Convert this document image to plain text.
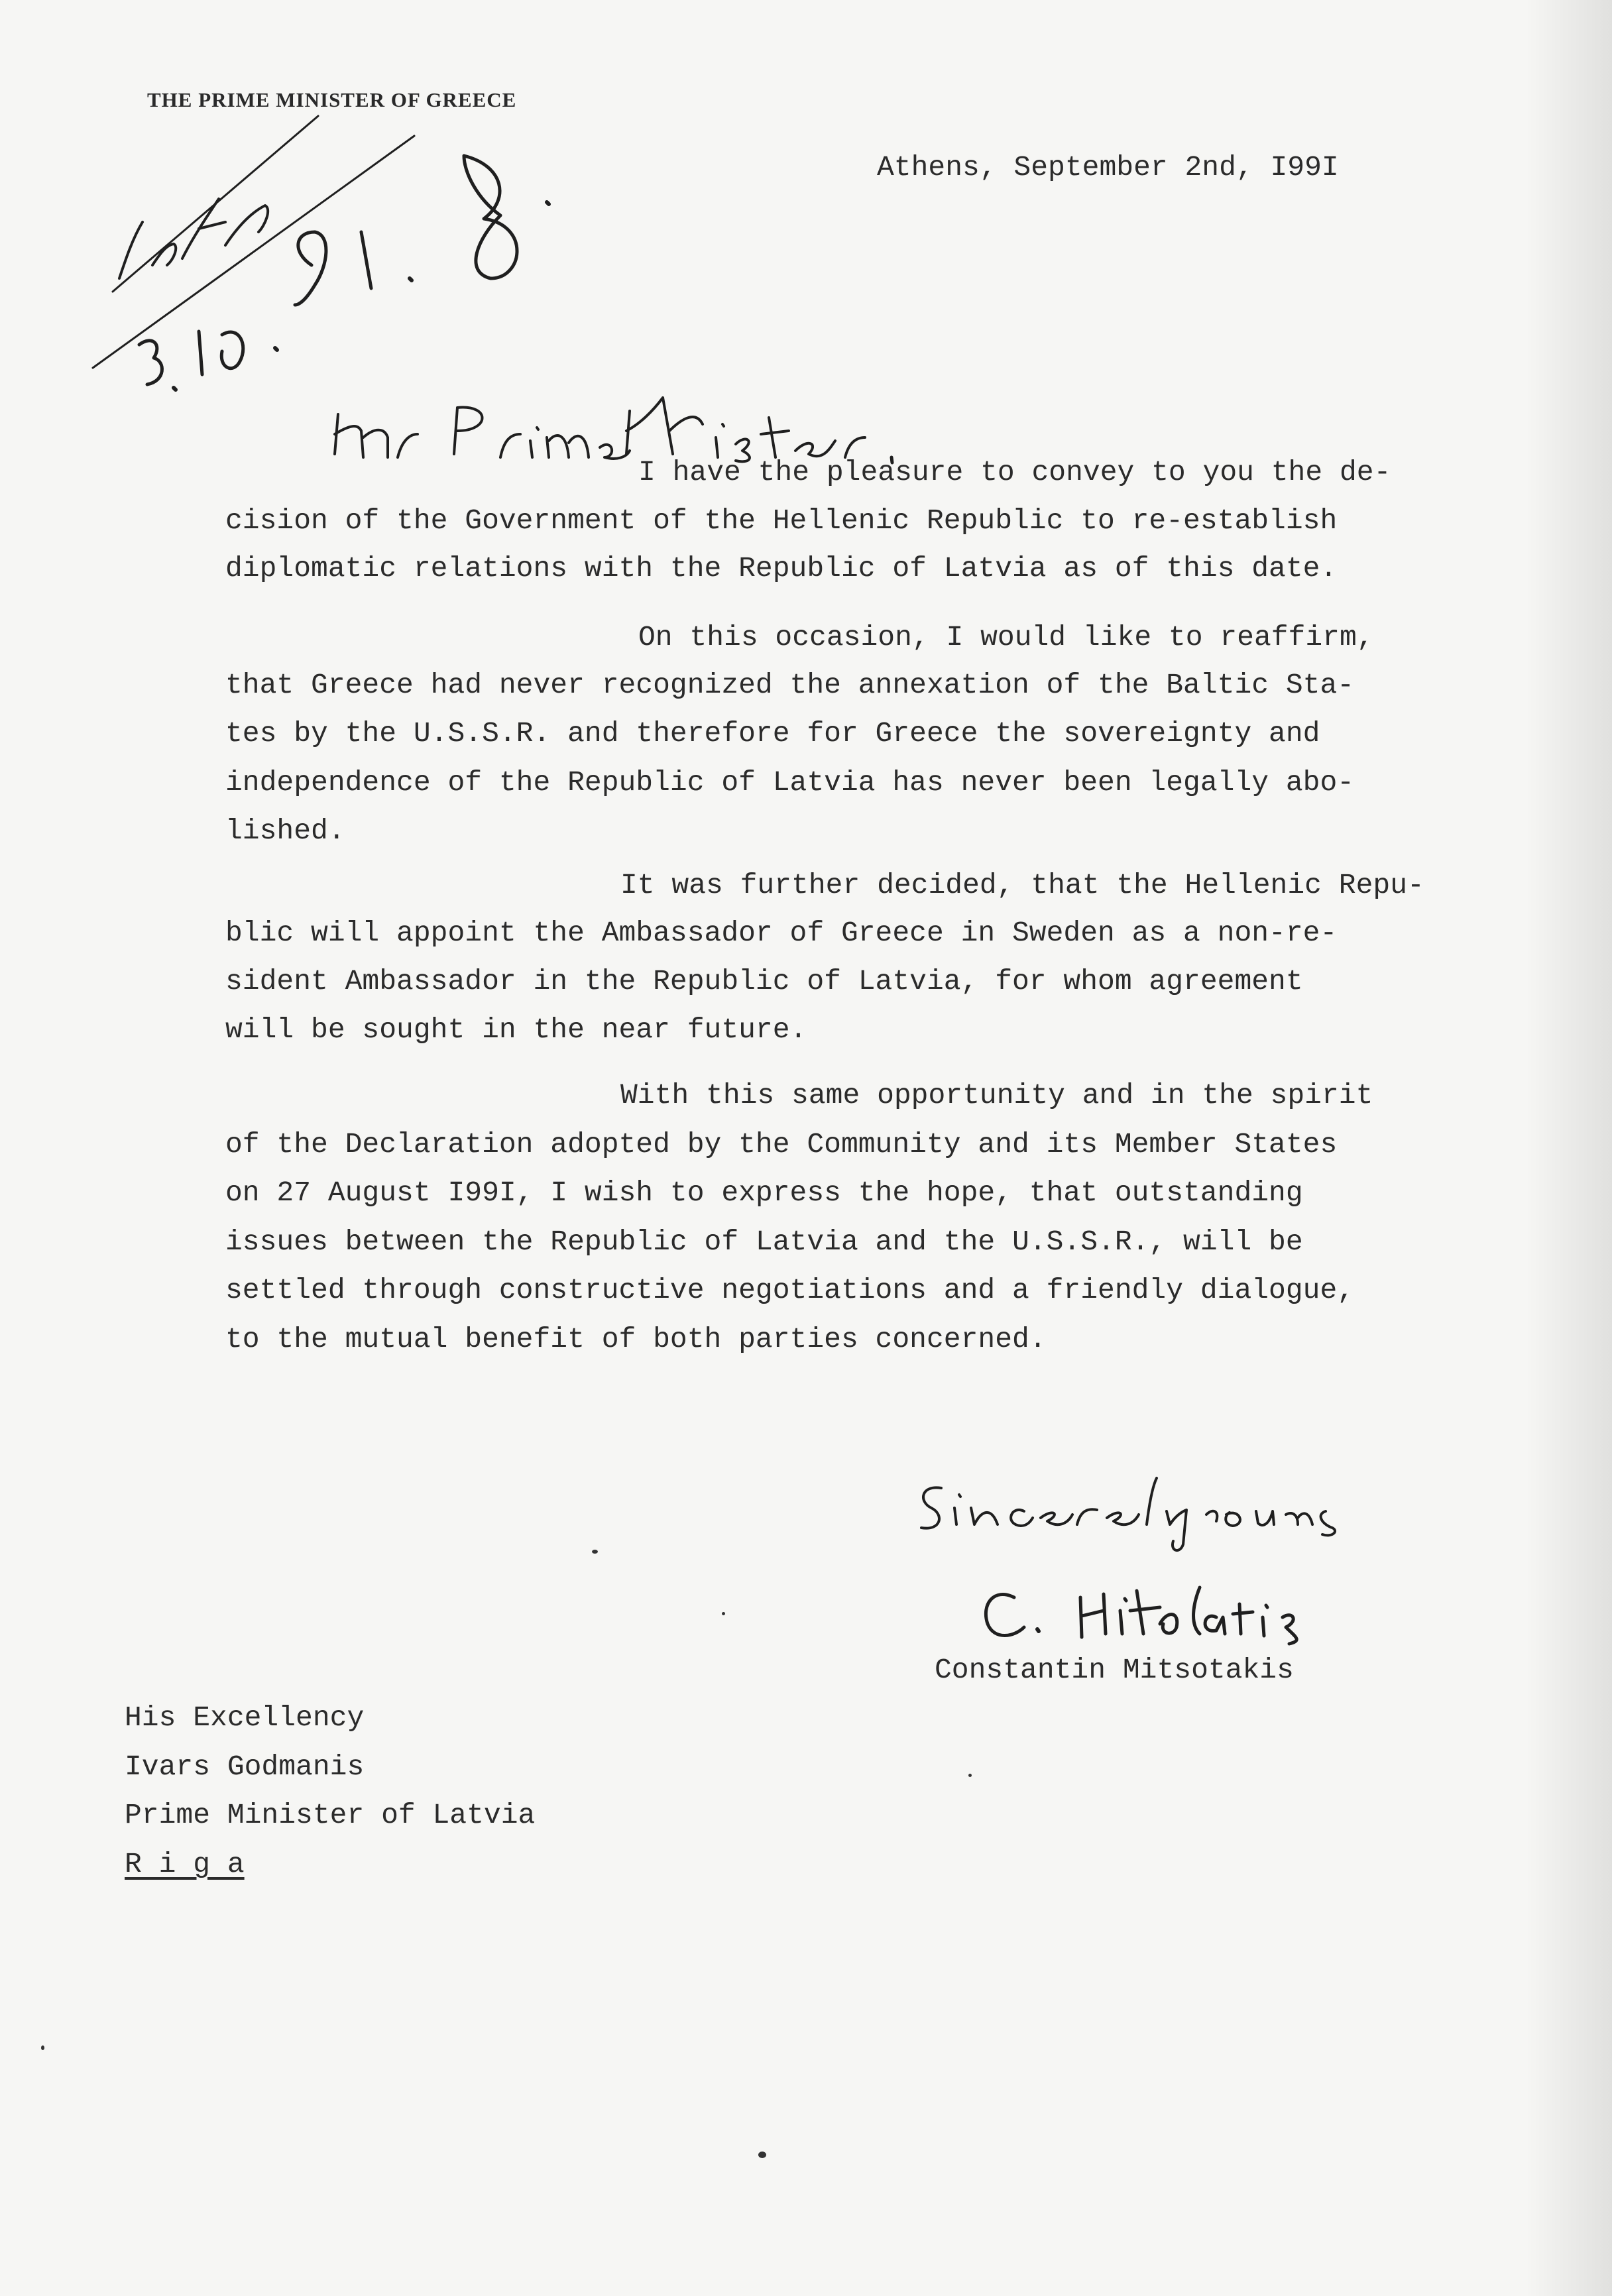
THE PRIME MINISTER OF GREECE
Athens, September 2nd, I99I
I have the pleasure to convey to you the de-
cision of the Government of the Hellenic Republic to re-establish
diplomatic relations with the Republic of Latvia as of this date.
On this occasion, I would like to reaffirm,
that Greece had never recognized the annexation of the Baltic Sta-
tes by the U.S.S.R. and therefore for Greece the sovereignty and
independence of the Republic of Latvia has never been legally abo-
lished.
It was further decided, that the Hellenic Repu-
blic will appoint the Ambassador of Greece in Sweden as a non-re-
sident Ambassador in the Republic of Latvia, for whom agreement
will be sought in the near future.
With this same opportunity and in the spirit
of the Declaration adopted by the Community and its Member States
on 27 August I99I, I wish to express the hope, that outstanding
issues between the Republic of Latvia and the U.S.S.R., will be
settled through constructive negotiations and a friendly dialogue,
to the mutual benefit of both parties concerned.
Constantin Mitsotakis
His Excellency
Ivars Godmanis
Prime Minister of Latvia
R i g a
